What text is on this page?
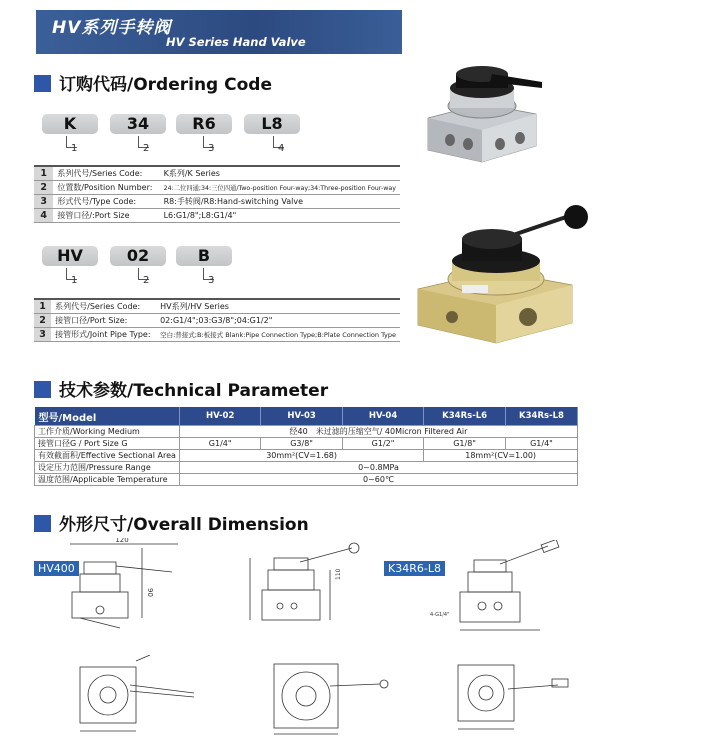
HV系列手转阀
HV Series Hand Valve
订购代码/Ordering Code
K	34	R6	L8
1	2	3	4
1	系列代号/Series Code:	K系列/K Series
2	位置数/Position Number:	24:二位四通;34:三位四通/Two-position Four-way;34:Three-position Four-way
3	形式代号/Type Code:	R8:手转阀/R8:Hand-switching Valve
4	接管口径/:Port Size	L6:G1/8";L8:G1/4"
HV	02	B
1	2	3
1	系列代号/Series Code:	HV系列/HV Series
2	接管口径/Port Size:	02:G1/4";03:G3/8";04:G1/2"
3	接管形式/Joint Pipe Type:	空白:普接式;B:板接式 Blank:Pipe Connection Type;B:Plate Connection Type
技术参数/Technical Parameter
型号/Model	HV-02	HV-03	HV-04	K34Rs-L6	K34Rs-L8
工作介质/Working Medium	经40　米过滤的压缩空气/ 40Micron Filtered Air				
接管口径G / Port Size G	G1/4"	G3/8"	G1/2"	G1/8"	G1/4"
有效截面积/Effective Sectional Area	30mm²(CV=1.68)			18mm²(CV=1.00)	
设定压力范围/Pressure Range	0~0.8MPa				
温度范围/Applicable Temperature	0~60℃				
外形尺寸/Overall Dimension
HV400	K34R6-L8
120
90
110
4-G1/4"
